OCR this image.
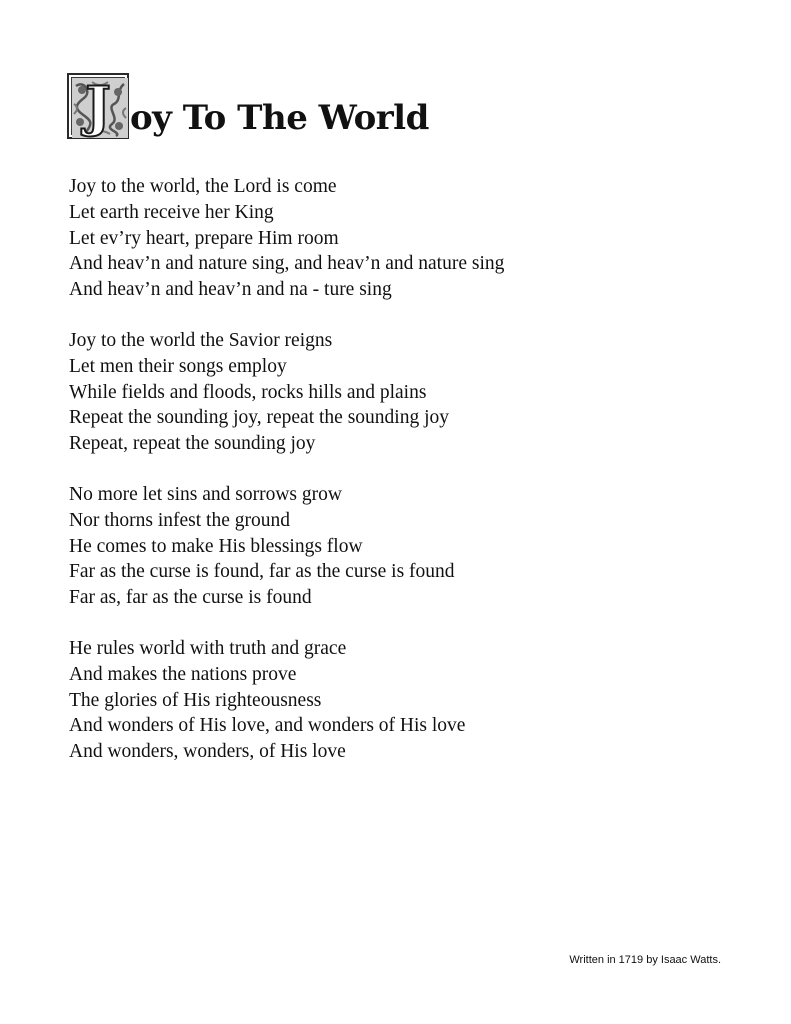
J oy To The World
Joy to the world, the Lord is come
Let earth receive her King
Let ev’ry heart, prepare Him room
And heav’n and nature sing, and heav’n and nature sing
And heav’n and heav’n and na - ture sing
Joy to the world the Savior reigns
Let men their songs employ
While fields and floods, rocks hills and plains
Repeat the sounding joy, repeat the sounding joy
Repeat, repeat the sounding joy
No more let sins and sorrows grow
Nor thorns infest the ground
He comes to make His blessings flow
Far as the curse is found, far as the curse is found
Far as, far as the curse is found
He rules world with truth and grace
And makes the nations prove
The glories of His righteousness
And wonders of His love, and wonders of His love
And wonders, wonders, of His love
Written in 1719 by Isaac Watts.
